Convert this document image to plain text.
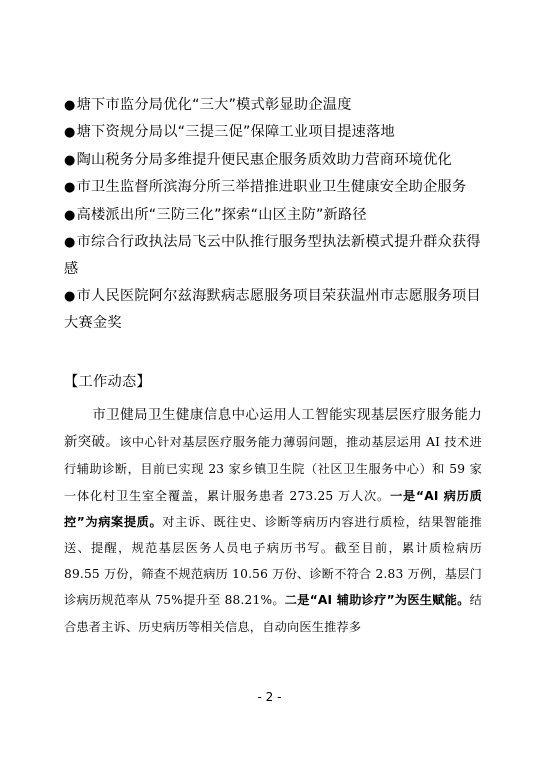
●塘下市监分局优化“三大”模式彰显助企温度
●塘下资规分局以“三提三促”保障工业项目提速落地
●陶山税务分局多维提升便民惠企服务质效助力营商环境优化
●市卫生监督所滨海分所三举措推进职业卫生健康安全助企服务
●高楼派出所“三防三化”探索“山区主防”新路径
●市综合行政执法局飞云中队推行服务型执法新模式提升群众获得感
●市人民医院阿尔兹海默病志愿服务项目荣获温州市志愿服务项目大赛金奖
【工作动态】
市卫健局卫生健康信息中心运用人工智能实现基层医疗服务能力新突破。该中心针对基层医疗服务能力薄弱问题，推动基层运用 AI 技术进行辅助诊断，目前已实现 23 家乡镇卫生院（社区卫生服务中心）和 59 家一体化村卫生室全覆盖，累计服务患者 273.25 万人次。一是“AI 病历质控”为病案提质。对主诉、既往史、诊断等病历内容进行质检，结果智能推送、提醒，规范基层医务人员电子病历书写。截至目前，累计质检病历 89.55 万份，筛查不规范病历 10.56 万份、诊断不符合 2.83 万例，基层门诊病历规范率从 75%提升至 88.21%。二是“AI 辅助诊疗”为医生赋能。结合患者主诉、历史病历等相关信息，自动向医生推荐多
- 2 -
